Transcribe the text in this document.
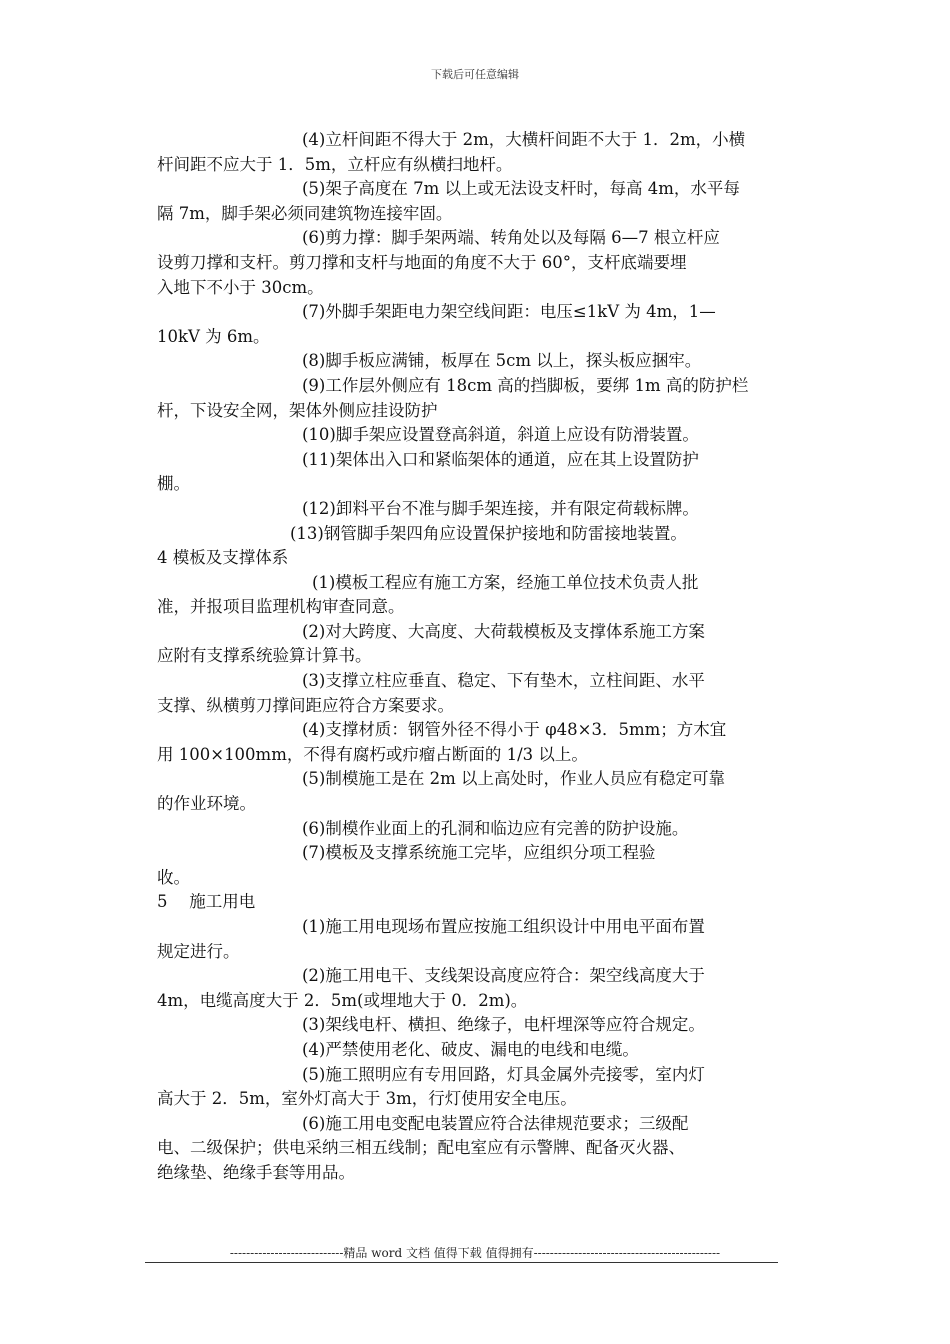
下载后可任意编辑
(4)立杆间距不得大于 2m，大横杆间距不大于 1．2m，小横
杆间距不应大于 1．5m，立杆应有纵横扫地杆。
(5)架子高度在 7m 以上或无法设支杆时，每高 4m，水平每
隔 7m，脚手架必须同建筑物连接牢固。
(6)剪力撑：脚手架两端、转角处以及每隔 6—7 根立杆应
设剪刀撑和支杆。剪刀撑和支杆与地面的角度不大于 60°，支杆底端要埋
入地下不小于 30cm。
(7)外脚手架距电力架空线间距：电压≤1kV 为 4m，1—
10kV 为 6m。
(8)脚手板应满铺，板厚在 5cm 以上，探头板应捆牢。
(9)工作层外侧应有 18cm 高的挡脚板，要绑 1m 高的防护栏
杆，下设安全网，架体外侧应挂设防护
(10)脚手架应设置登高斜道，斜道上应设有防滑装置。
(11)架体出入口和紧临架体的通道，应在其上设置防护
棚。
(12)卸料平台不准与脚手架连接，并有限定荷载标牌。
(13)钢管脚手架四角应设置保护接地和防雷接地装置。
4 模板及支撑体系
(1)模板工程应有施工方案，经施工单位技术负责人批
准，并报项目监理机构审查同意。
(2)对大跨度、大高度、大荷载模板及支撑体系施工方案
应附有支撑系统验算计算书。
(3)支撑立柱应垂直、稳定、下有垫木，立柱间距、水平
支撑、纵横剪刀撑间距应符合方案要求。
(4)支撑材质：钢管外径不得小于 φ48×3．5mm；方木宜
用 100×100mm，不得有腐朽或疖瘤占断面的 1/3 以上。
(5)制模施工是在 2m 以上高处时，作业人员应有稳定可靠
的作业环境。
(6)制模作业面上的孔洞和临边应有完善的防护设施。
(7)模板及支撑系统施工完毕，应组织分项工程验
收。
5　 施工用电
(1)施工用电现场布置应按施工组织设计中用电平面布置
规定进行。
(2)施工用电干、支线架设高度应符合：架空线高度大于
4m，电缆高度大于 2．5m(或埋地大于 0．2m)。
(3)架线电杆、横担、绝缘子，电杆埋深等应符合规定。
(4)严禁使用老化、破皮、漏电的电线和电缆。
(5)施工照明应有专用回路，灯具金属外壳接零，室内灯
高大于 2．5m，室外灯高大于 3m，行灯使用安全电压。
(6)施工用电变配电装置应符合法律规范要求；三级配
电、二级保护；供电采纳三相五线制；配电室应有示警牌、配备灭火器、
绝缘垫、绝缘手套等用品。
----------------------------精品 word 文档 值得下载 值得拥有----------------------------------------------
